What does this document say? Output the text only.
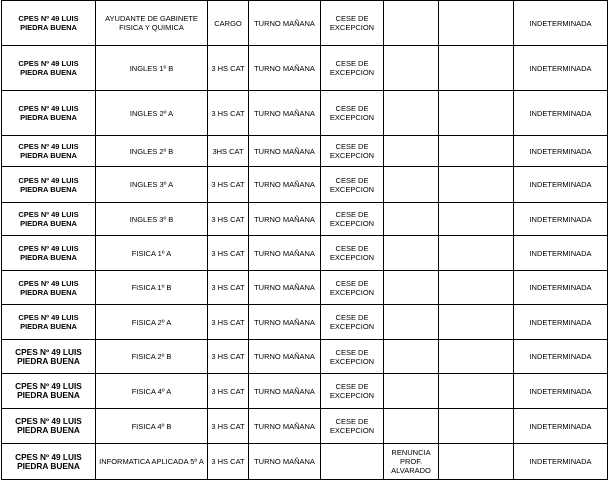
CPES Nº 49 LUIS PIEDRA BUENA	AYUDANTE DE GABINETE FISICA Y QUIMICA	CARGO	TURNO MAÑANA	CESE DE EXCEPCION			INDETERMINADA
CPES Nº 49 LUIS PIEDRA BUENA	INGLES 1º B	3 HS CAT	TURNO MAÑANA	CESE DE EXCEPCION			INDETERMINADA
CPES Nº 49 LUIS PIEDRA BUENA	INGLES 2º A	3 HS CAT	TURNO MAÑANA	CESE DE EXCEPCION			INDETERMINADA
CPES Nº 49 LUIS PIEDRA BUENA	INGLES 2º B	3HS CAT	TURNO MAÑANA	CESE DE EXCEPCION			INDETERMINADA
CPES Nº 49 LUIS PIEDRA BUENA	INGLES 3º A	3 HS CAT	TURNO MAÑANA	CESE DE EXCEPCION			INDETERMINADA
CPES Nº 49 LUIS PIEDRA BUENA	INGLES 3º B	3 HS CAT	TURNO MAÑANA	CESE DE EXCEPCION			INDETERMINADA
CPES Nº 49 LUIS PIEDRA BUENA	FISICA 1º A	3 HS CAT	TURNO MAÑANA	CESE DE EXCEPCION			INDETERMINADA
CPES Nº 49 LUIS PIEDRA BUENA	FISICA 1º B	3 HS CAT	TURNO MAÑANA	CESE DE EXCEPCION			INDETERMINADA
CPES Nº 49 LUIS PIEDRA BUENA	FISICA 2º A	3 HS CAT	TURNO MAÑANA	CESE DE EXCEPCION			INDETERMINADA
CPES Nº 49 LUIS PIEDRA BUENA	FISICA 2º B	3 HS CAT	TURNO MAÑANA	CESE DE EXCEPCION			INDETERMINADA
CPES Nº 49 LUIS PIEDRA BUENA	FISICA 4º A	3 HS CAT	TURNO MAÑANA	CESE DE EXCEPCION			INDETERMINADA
CPES Nº 49 LUIS PIEDRA BUENA	FISICA 4º B	3 HS CAT	TURNO MAÑANA	CESE DE EXCEPCION			INDETERMINADA
CPES Nº 49 LUIS PIEDRA BUENA	INFORMATICA APLICADA 5º A	3 HS CAT	TURNO MAÑANA		RENUNCIA PROF. ALVARADO		INDETERMINADA
